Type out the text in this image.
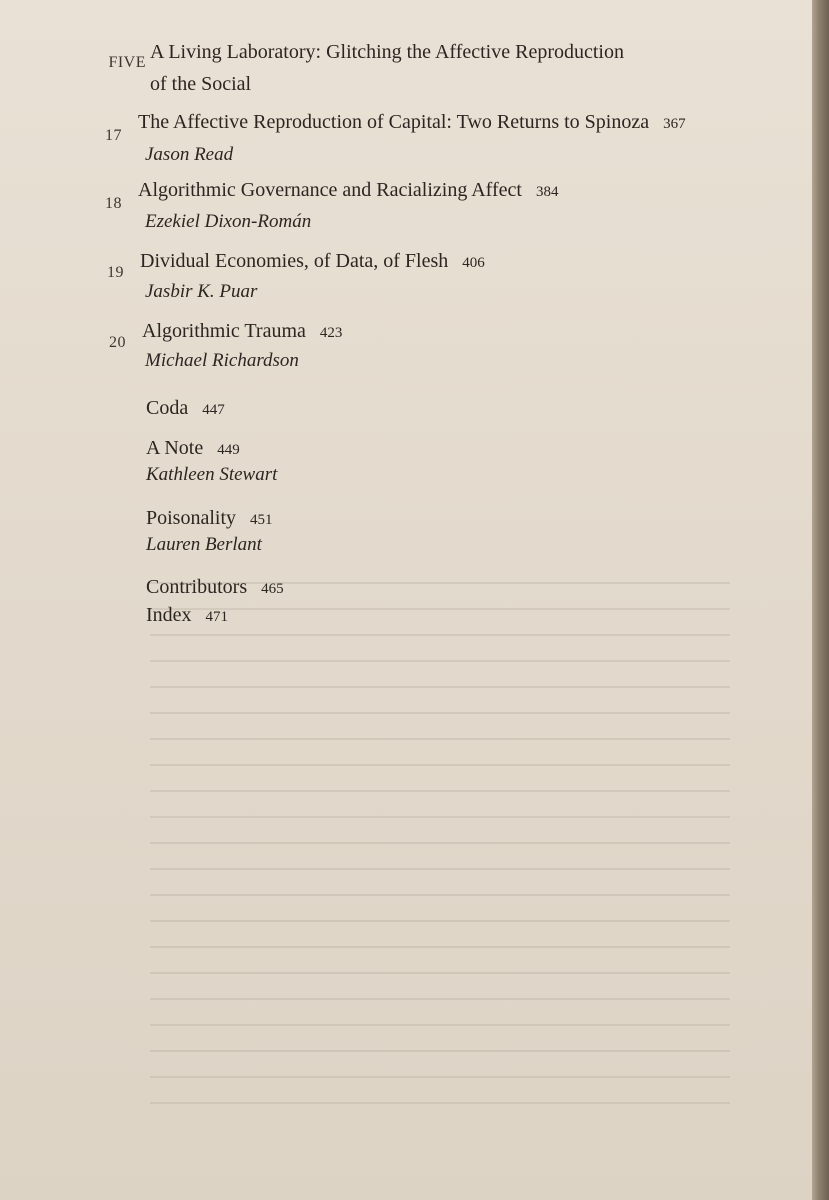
FIVE A Living Laboratory: Glitching the Affective Reproduction
of the Social
17
The Affective Reproduction of Capital: Two Returns to Spinoza 367
Jason Read
18
Algorithmic Governance and Racializing Affect 384
Ezekiel Dixon-Román
19
Dividual Economies, of Data, of Flesh 406
Jasbir K. Puar
20
Algorithmic Trauma 423
Michael Richardson
Coda 447
A Note 449
Kathleen Stewart
Poisonality 451
Lauren Berlant
Contributors 465
Index 471
